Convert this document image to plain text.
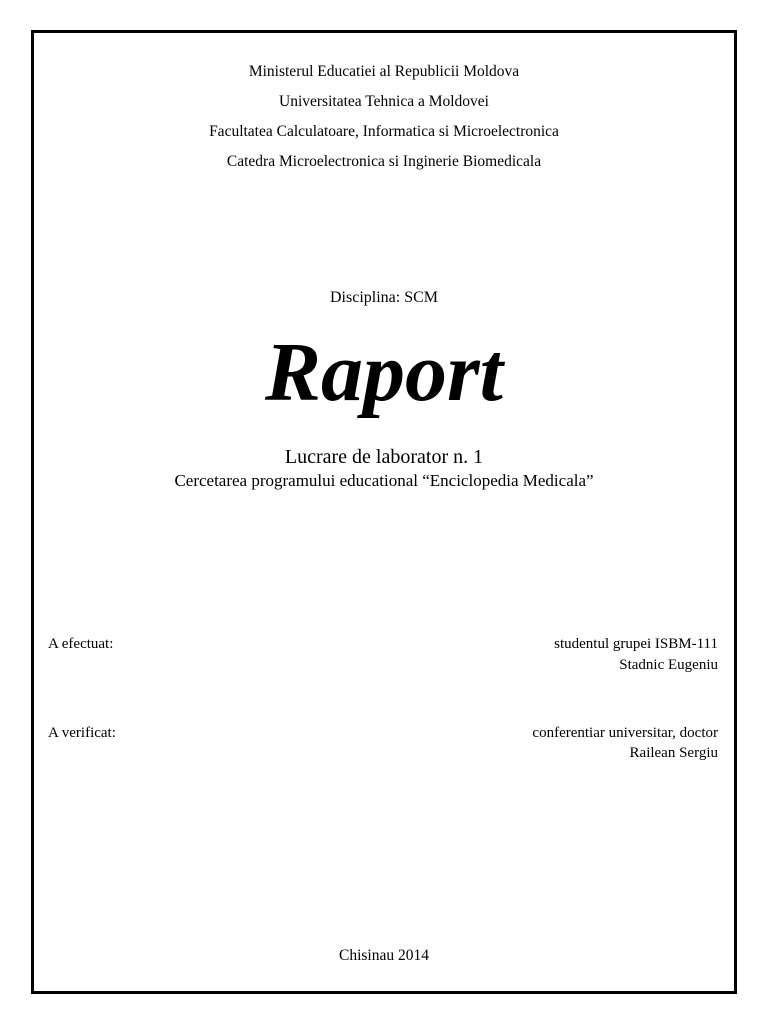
Ministerul Educatiei al Republicii Moldova
Universitatea Tehnica a Moldovei
Facultatea Calculatoare, Informatica si Microelectronica
Catedra Microelectronica si Inginerie Biomedicala
Disciplina: SCM
Raport
Lucrare de laborator n. 1
Cercetarea programului educational “Enciclopedia Medicala”
A efectuat:	studentul grupei ISBM-111
Stadnic Eugeniu
A verificat:	conferentiar universitar, doctor
Railean Sergiu
Chisinau 2014
